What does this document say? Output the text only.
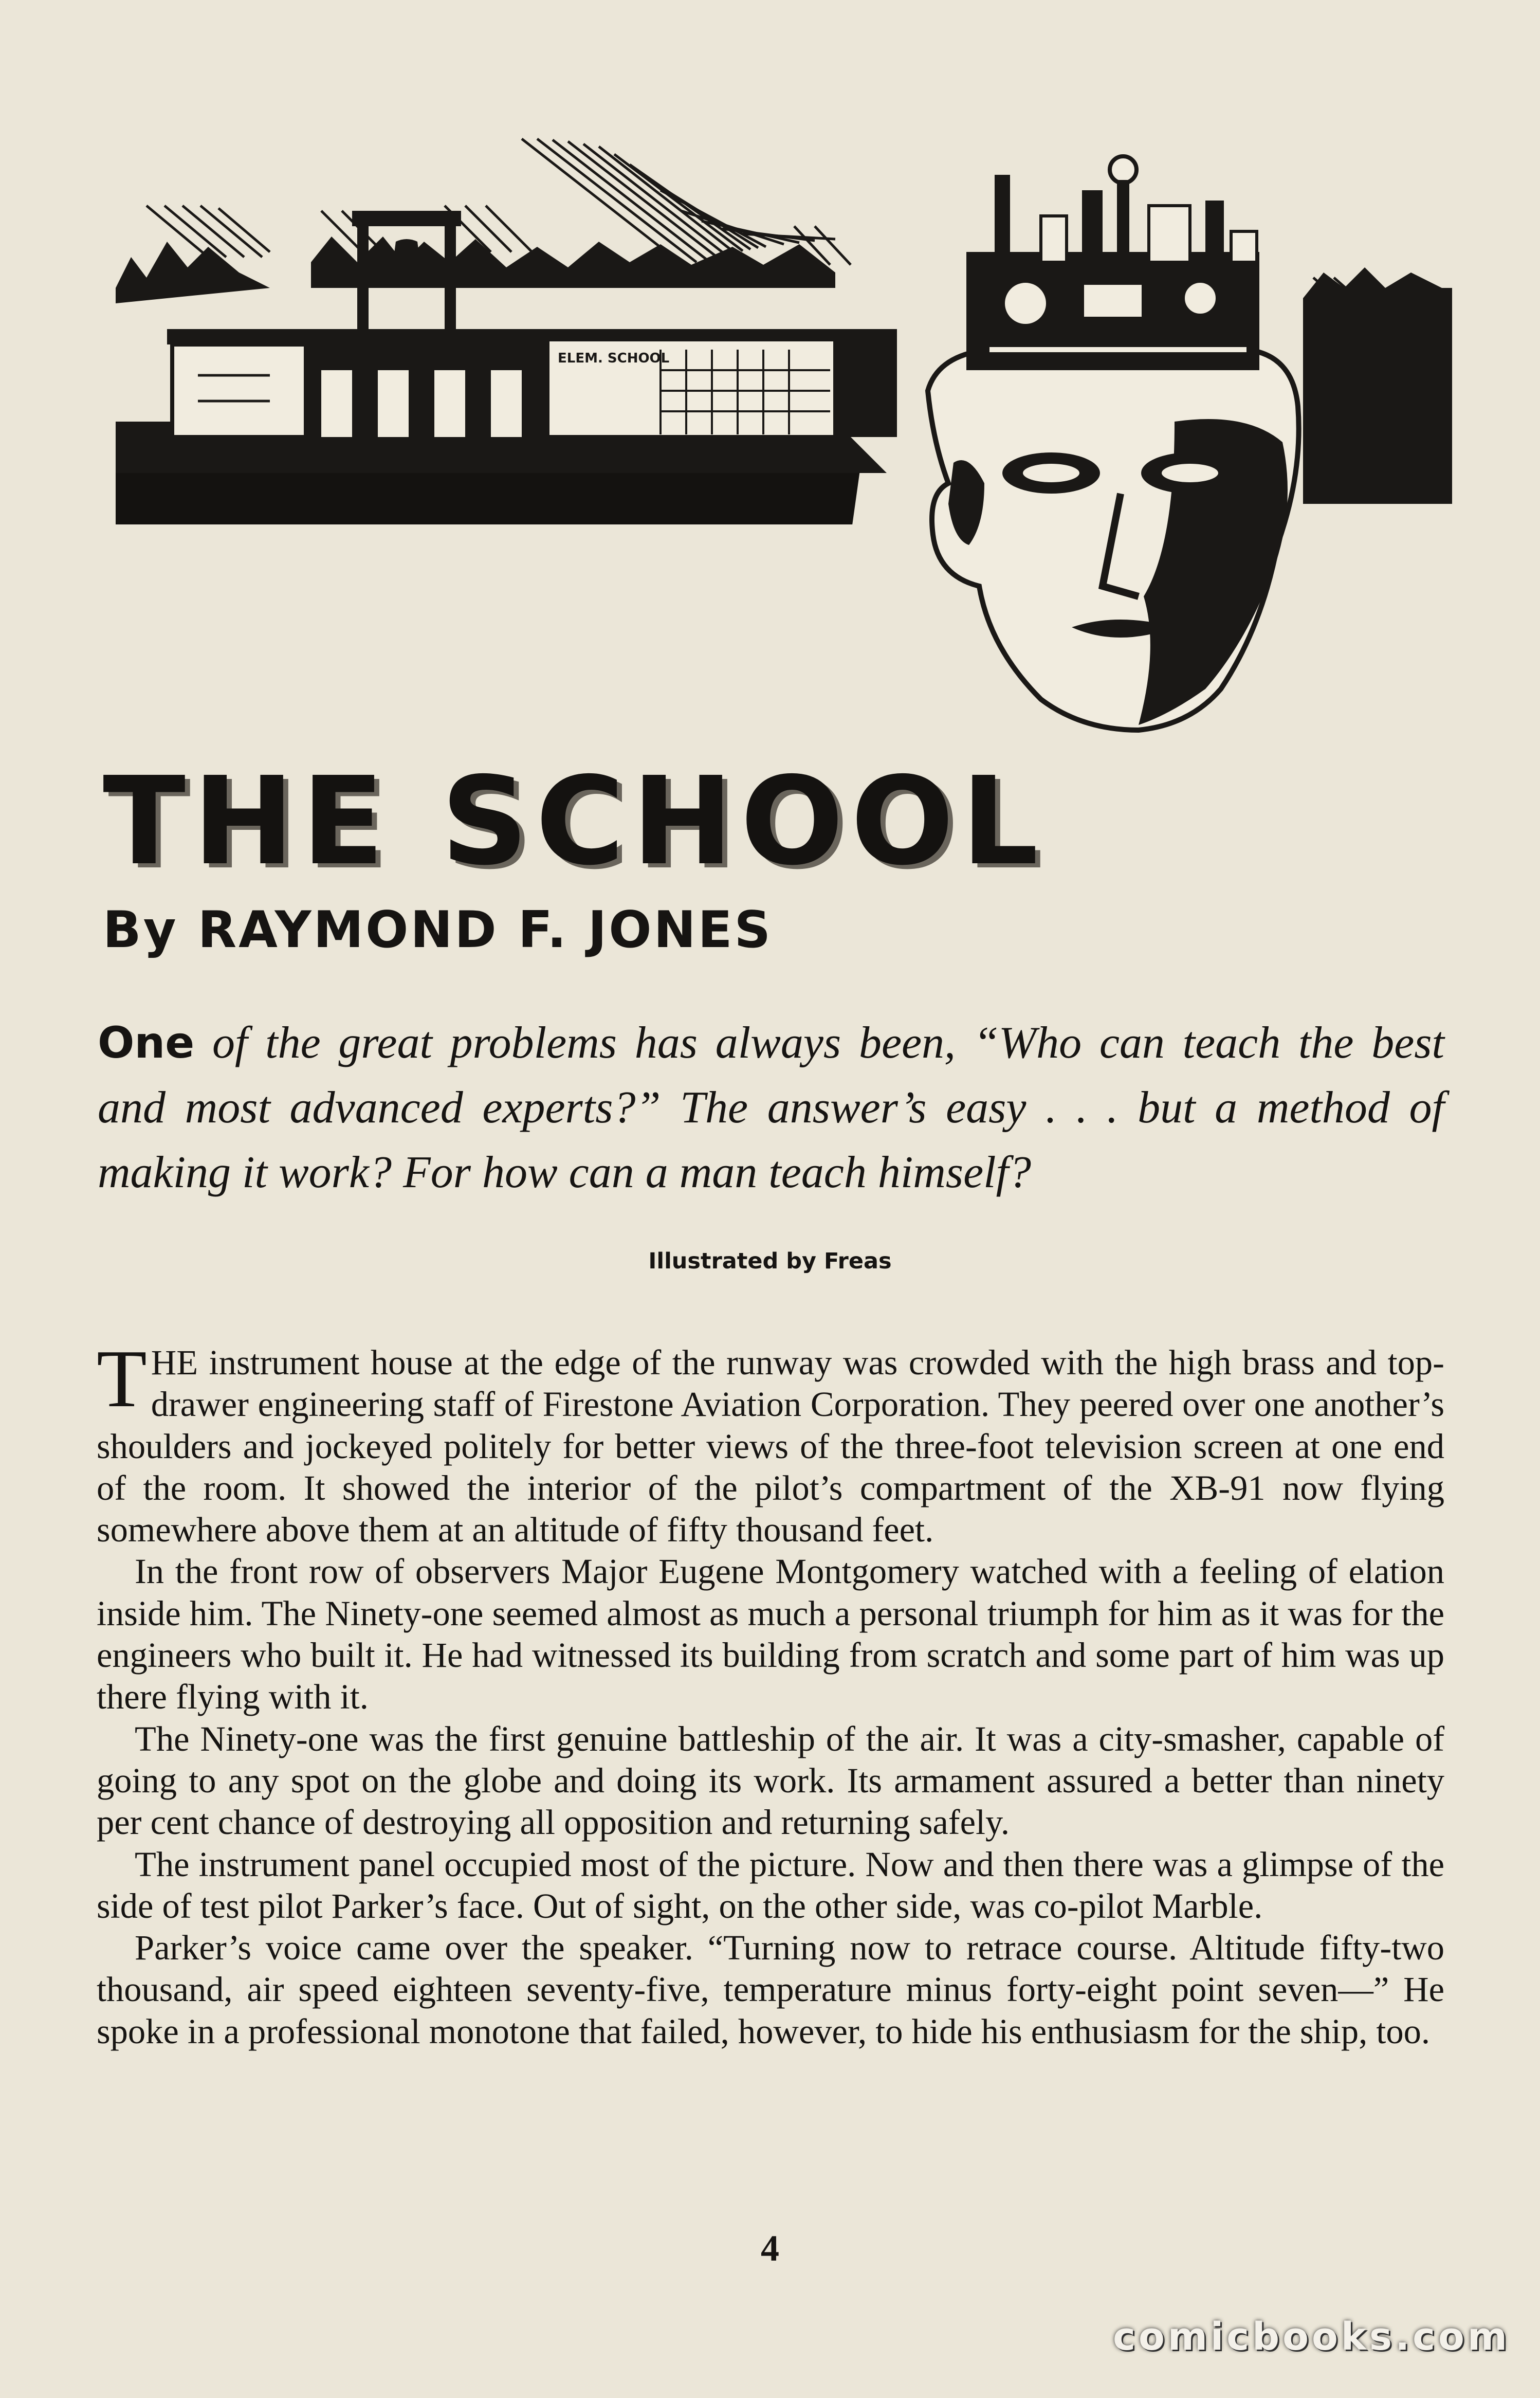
ELEM. SCHOOL
THE SCHOOL
By RAYMOND F. JONES

One of the great problems has always been, “Who can teach the best and most advanced experts?” The answer’s easy . . . but a method of making it work? For how can a man teach himself?

Illustrated by Freas

THE instrument house at the edge of the runway was crowded with the high brass and top-drawer engineering staff of Firestone Aviation Corporation. They peered over one another’s shoulders and jockeyed politely for better views of the three-foot television screen at one end of the room. It showed the interior of the pilot’s compartment of the XB-91 now flying somewhere above them at an altitude of fifty thousand feet.

In the front row of observers Major Eugene Montgomery watched with a feeling of elation inside him. The Ninety-one seemed almost as much a personal triumph for him as it was for the engineers who built it. He had witnessed its building from scratch and some part of him was up there flying with it.

The Ninety-one was the first genuine battleship of the air. It was a city-smasher, capable of going to any spot on the globe and doing its work. Its armament assured a better than ninety per cent chance of destroying all opposition and returning safely.

The instrument panel occupied most of the picture. Now and then there was a glimpse of the side of test pilot Parker’s face. Out of sight, on the other side, was co-pilot Marble.

Parker’s voice came over the speaker. “Turning now to retrace course. Altitude fifty-two thousand, air speed eighteen seventy-five, temperature minus forty-eight point seven—” He spoke in a professional monotone that failed, however, to hide his enthusiasm for the ship, too.

4
comicbooks.com
